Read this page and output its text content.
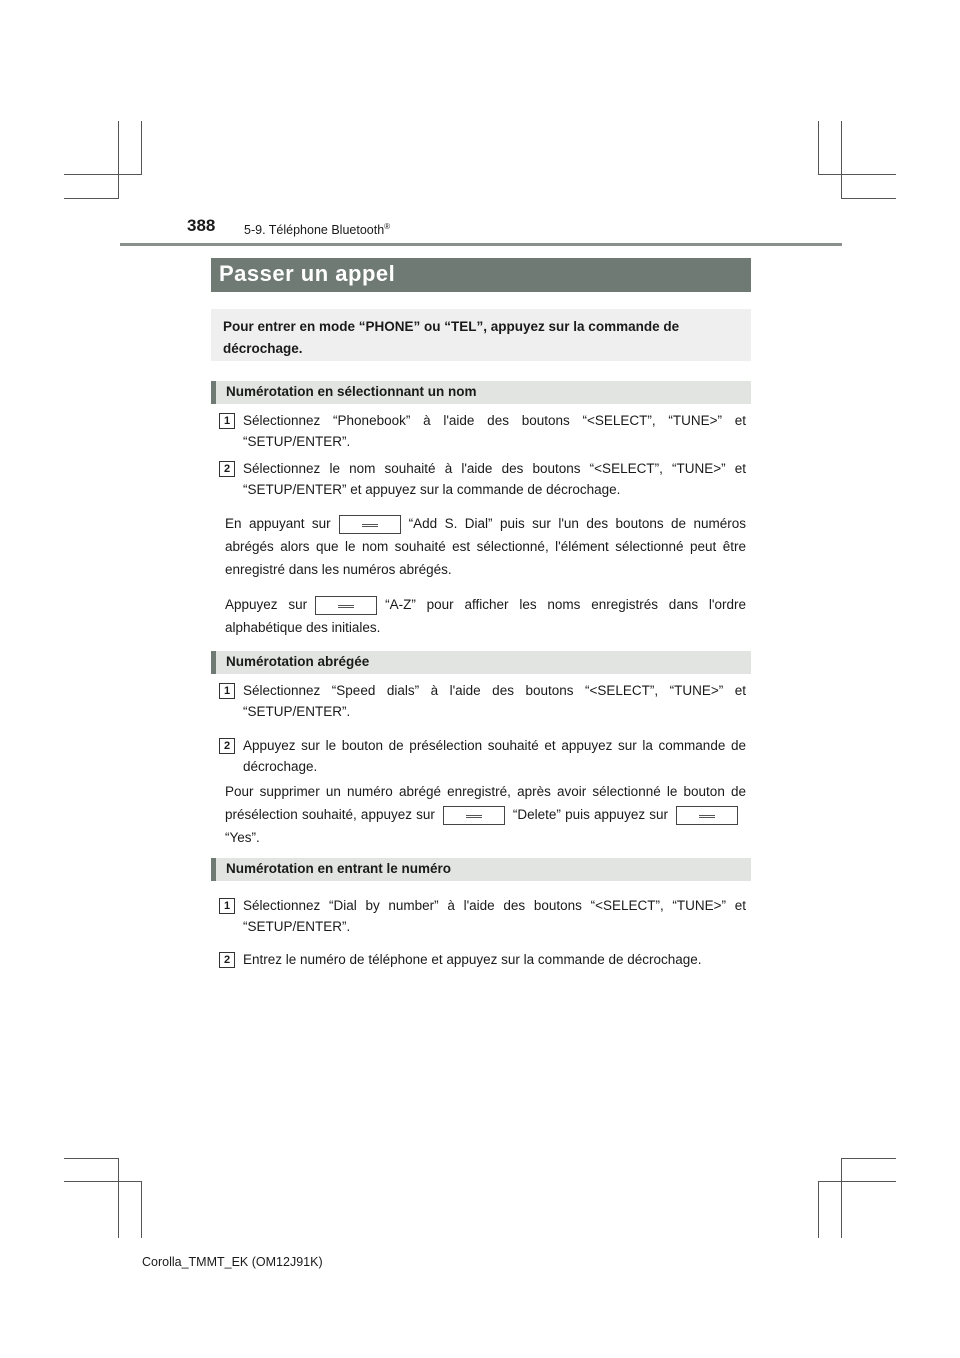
388 5-9. Téléphone Bluetooth®
Passer un appel
Pour entrer en mode “PHONE” ou “TEL”, appuyez sur la commande de décrochage.
Numérotation en sélectionnant un nom
1 Sélectionnez “Phonebook” à l'aide des boutons “<SELECT”, “TUNE>” et “SETUP/ENTER”.
2 Sélectionnez le nom souhaité à l'aide des boutons “<SELECT”, “TUNE>” et “SETUP/ENTER” et appuyez sur la commande de décrochage.
En appuyant sur	“Add S. Dial” puis sur l'un des boutons de numéros abrégés alors que le nom souhaité est sélectionné, l'élément sélectionné peut être enregistré dans les numéros abrégés.
Appuyez sur	“A-Z” pour afficher les noms enregistrés dans l'ordre alphabétique des initiales.
Numérotation abrégée
1 Sélectionnez “Speed dials” à l'aide des boutons “<SELECT”, “TUNE>” et “SETUP/ENTER”.
2 Appuyez sur le bouton de présélection souhaité et appuyez sur la commande de décrochage.
Pour supprimer un numéro abrégé enregistré, après avoir sélectionné le bouton de présélection souhaité, appuyez sur	“Delete” puis appuyez sur
“Yes”.
Numérotation en entrant le numéro
1 Sélectionnez “Dial by number” à l'aide des boutons “<SELECT”, “TUNE>” et “SETUP/ENTER”.
2 Entrez le numéro de téléphone et appuyez sur la commande de décrochage.
Corolla_TMMT_EK (OM12J91K)
